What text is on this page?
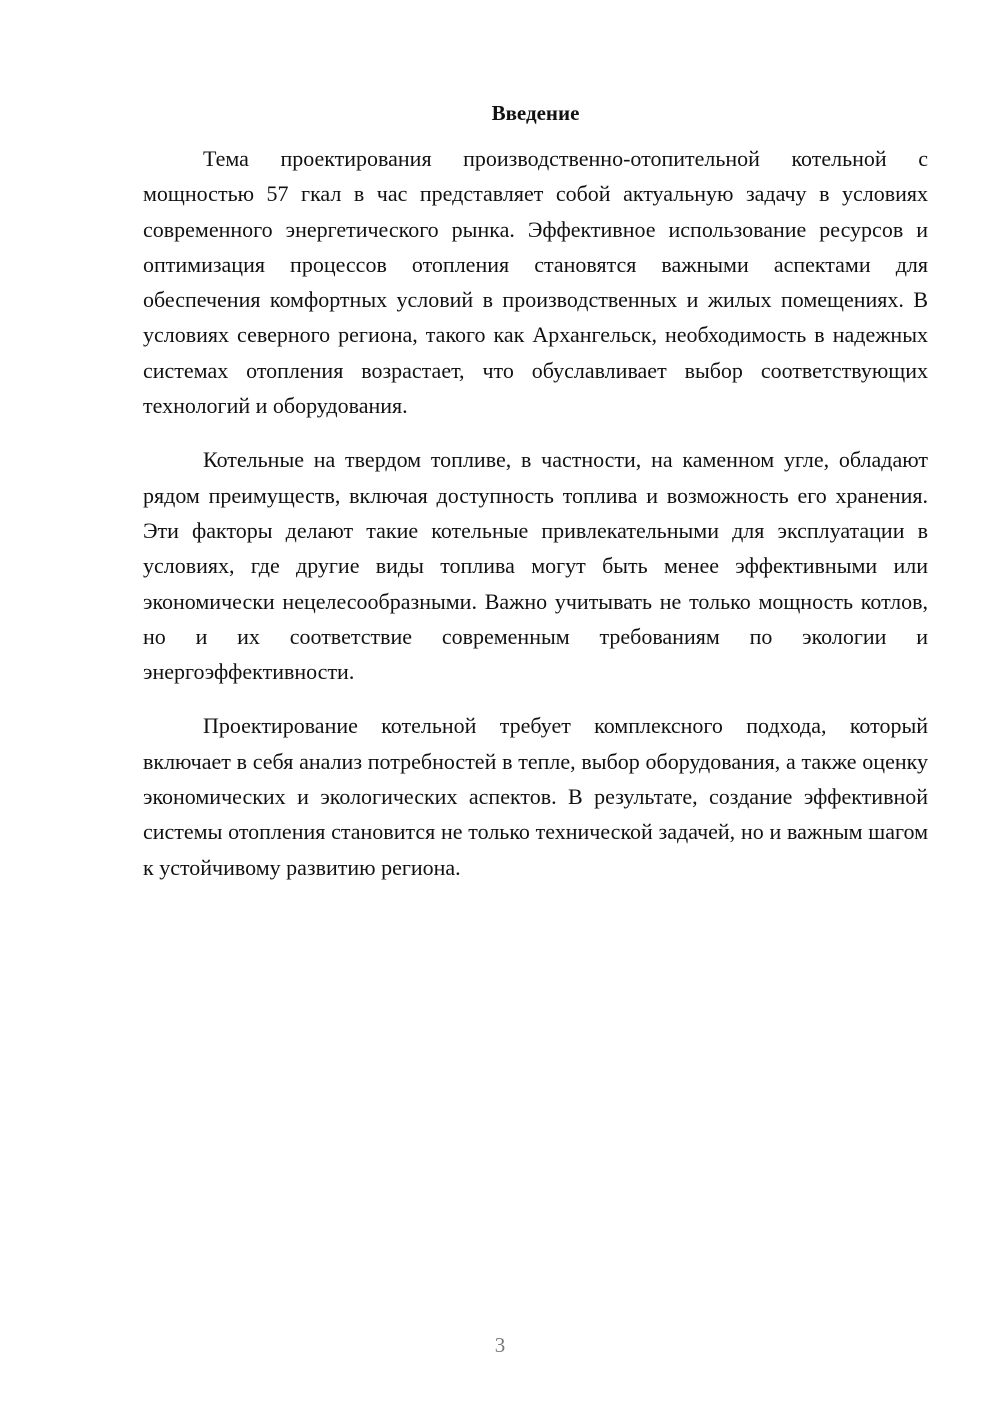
Введение

Тема проектирования производственно-отопительной котельной с мощностью 57 гкал в час представляет собой актуальную задачу в условиях современного энергетического рынка. Эффективное использование ресурсов и оптимизация процессов отопления становятся важными аспектами для обеспечения комфортных условий в производственных и жилых помещениях. В условиях северного региона, такого как Архангельск, необходимость в надежных системах отопления возрастает, что обуславливает выбор соответствующих технологий и оборудования.

Котельные на твердом топливе, в частности, на каменном угле, обладают рядом преимуществ, включая доступность топлива и возможность его хранения. Эти факторы делают такие котельные привлекательными для эксплуатации в условиях, где другие виды топлива могут быть менее эффективными или экономически нецелесообразными. Важно учитывать не только мощность котлов, но и их соответствие современным требованиям по экологии и энергоэффективности.

Проектирование котельной требует комплексного подхода, который включает в себя анализ потребностей в тепле, выбор оборудования, а также оценку экономических и экологических аспектов. В результате, создание эффективной системы отопления становится не только технической задачей, но и важным шагом к устойчивому развитию региона.

3
